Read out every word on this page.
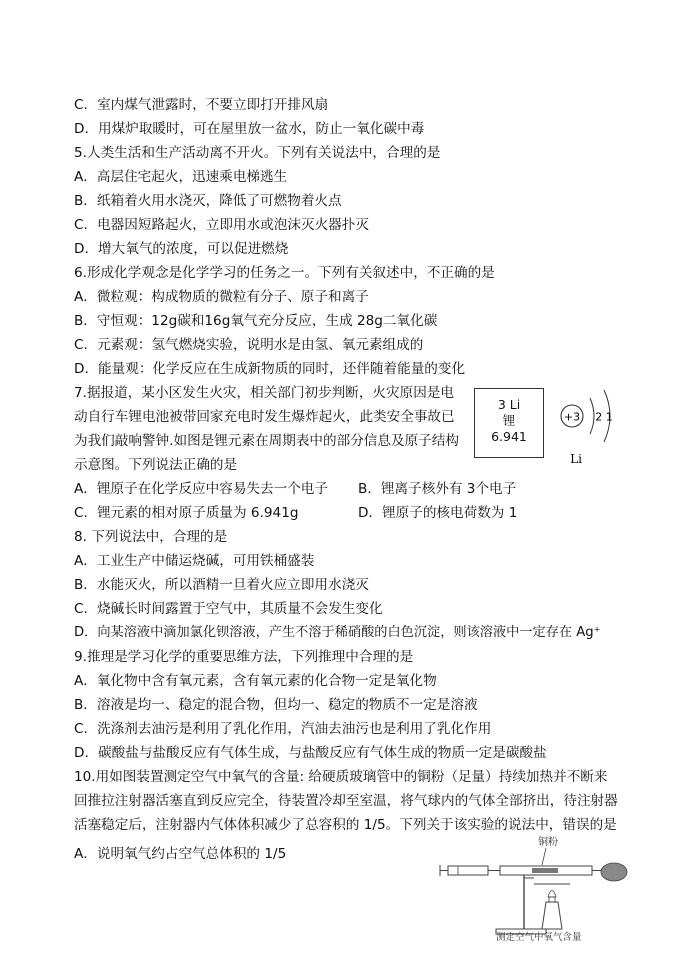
C．室内煤气泄露时，不要立即打开排风扇
D．用煤炉取暖时，可在屋里放一盆水，防止一氧化碳中毒
5.人类生活和生产活动离不开火。下列有关说法中，合理的是
A．高层住宅起火，迅速乘电梯逃生
B．纸箱着火用水浇灭，降低了可燃物着火点
C．电器因短路起火，立即用水或泡沫灭火器扑灭
D．增大氧气的浓度，可以促进燃烧
6.形成化学观念是化学学习的任务之一。下列有关叙述中，不正确的是
A．微粒观：构成物质的微粒有分子、原子和离子
B．守恒观：12g碳和16g氧气充分反应，生成 28g二氧化碳
C．元素观：氢气燃烧实验，说明水是由氢、氧元素组成的
D．能量观：化学反应在生成新物质的同时，还伴随着能量的变化
7.据报道，某小区发生火灾，相关部门初步判断，火灾原因是电
动自行车锂电池被带回家充电时发生爆炸起火，此类安全事故已
为我们敲响警钟.如图是锂元素在周期表中的部分信息及原子结构
示意图。下列说法正确的是
3 Li
锂
6.941
+3 2 1
Li
A．锂原子在化学反应中容易失去一个电子 B．锂离子核外有 3个电子
C．锂元素的相对原子质量为 6.941g	D．锂原子的核电荷数为 1
8. 下列说法中，合理的是
A．工业生产中储运烧碱，可用铁桶盛装
B．水能灭火，所以酒精一旦着火应立即用水浇灭
C．烧碱长时间露置于空气中，其质量不会发生变化
D．向某溶液中滴加氯化钡溶液，产生不溶于稀硝酸的白色沉淀，则该溶液中一定存在 Ag⁺
9.推理是学习化学的重要思维方法，下列推理中合理的是
A．氧化物中含有氧元素，含有氧元素的化合物一定是氧化物
B．溶液是均一、稳定的混合物，但均一、稳定的物质不一定是溶液
C．洗涤剂去油污是利用了乳化作用，汽油去油污也是利用了乳化作用
D．碳酸盐与盐酸反应有气体生成，与盐酸反应有气体生成的物质一定是碳酸盐
10.用如图装置测定空气中氧气的含量: 给硬质玻璃管中的铜粉（足量）持续加热并不断来
回推拉注射器活塞直到反应完全，待装置冷却至室温，将气球内的气体全部挤出，待注射器
活塞稳定后，注射器内气体体积减少了总容积的 1/5。下列关于该实验的说法中，错误的是
A．说明氧气约占空气总体积的 1/5
铜粉
测定空气中氧气含量
